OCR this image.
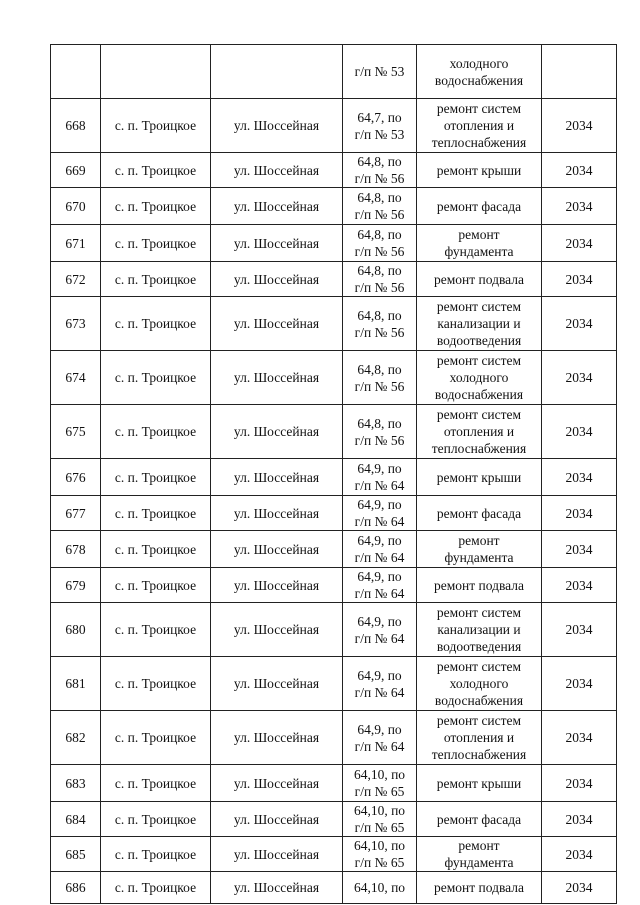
			г/п № 53	холодного
водоснабжения	

668	с. п. Троицкое	ул. Шоссейная	64,7, по
г/п № 53	ремонт систем
отопления и
теплоснабжения	2034
669	с. п. Троицкое	ул. Шоссейная	64,8, по
г/п № 56	ремонт крыши	2034
670	с. п. Троицкое	ул. Шоссейная	64,8, по
г/п № 56	ремонт фасада	2034
671	с. п. Троицкое	ул. Шоссейная	64,8, по
г/п № 56	ремонт
фундамента	2034
672	с. п. Троицкое	ул. Шоссейная	64,8, по
г/п № 56	ремонт подвала	2034
673	с. п. Троицкое	ул. Шоссейная	64,8, по
г/п № 56	ремонт систем
канализации и
водоотведения	2034
674	с. п. Троицкое	ул. Шоссейная	64,8, по
г/п № 56	ремонт систем
холодного
водоснабжения	2034
675	с. п. Троицкое	ул. Шоссейная	64,8, по
г/п № 56	ремонт систем
отопления и
теплоснабжения	2034
676	с. п. Троицкое	ул. Шоссейная	64,9, по
г/п № 64	ремонт крыши	2034
677	с. п. Троицкое	ул. Шоссейная	64,9, по
г/п № 64	ремонт фасада	2034
678	с. п. Троицкое	ул. Шоссейная	64,9, по
г/п № 64	ремонт
фундамента	2034
679	с. п. Троицкое	ул. Шоссейная	64,9, по
г/п № 64	ремонт подвала	2034
680	с. п. Троицкое	ул. Шоссейная	64,9, по
г/п № 64	ремонт систем
канализации и
водоотведения	2034
681	с. п. Троицкое	ул. Шоссейная	64,9, по
г/п № 64	ремонт систем
холодного
водоснабжения	2034
682	с. п. Троицкое	ул. Шоссейная	64,9, по
г/п № 64	ремонт систем
отопления и
теплоснабжения	2034
683	с. п. Троицкое	ул. Шоссейная	64,10, по
г/п № 65	ремонт крыши	2034
684	с. п. Троицкое	ул. Шоссейная	64,10, по
г/п № 65	ремонт фасада	2034
685	с. п. Троицкое	ул. Шоссейная	64,10, по
г/п № 65	ремонт
фундамента	2034
686	с. п. Троицкое	ул. Шоссейная	64,10, по	ремонт подвала	2034
